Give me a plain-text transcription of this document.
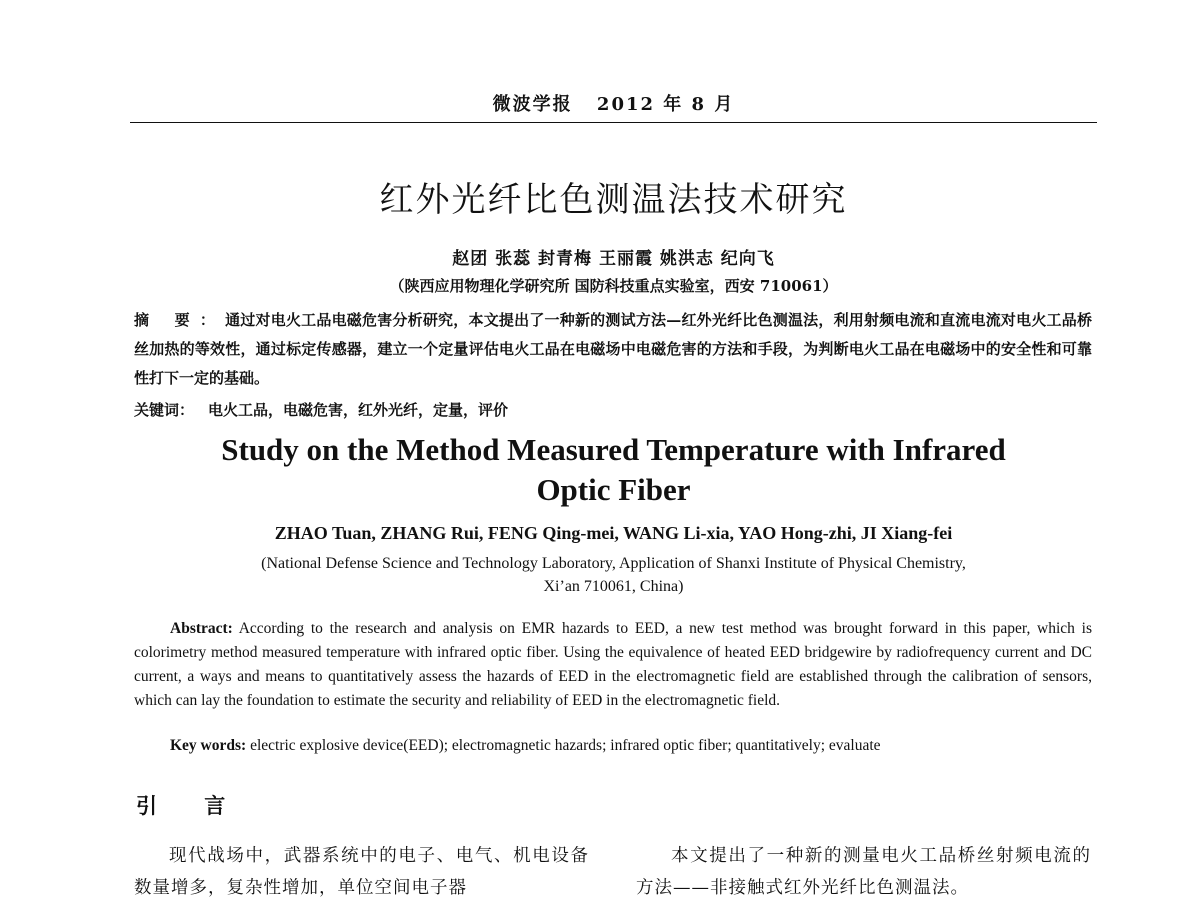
微波学报 2012 年 8 月
红外光纤比色测温法技术研究
赵团 张蕊 封青梅 王丽霞 姚洪志 纪向飞
（陕西应用物理化学研究所 国防科技重点实验室，西安 710061）
摘 要：通过对电火工品电磁危害分析研究，本文提出了一种新的测试方法—红外光纤比色测温法，利用射频电流和直流电流对电火工品桥丝加热的等效性，通过标定传感器，建立一个定量评估电火工品在电磁场中电磁危害的方法和手段，为判断电火工品在电磁场中的安全性和可靠性打下一定的基础。
关键词： 电火工品，电磁危害，红外光纤，定量，评价
Study on the Method Measured Temperature with Infrared
Optic Fiber
ZHAO Tuan, ZHANG Rui, FENG Qing-mei, WANG Li-xia, YAO Hong-zhi, JI Xiang-fei
(National Defense Science and Technology Laboratory, Application of Shanxi Institute of Physical Chemistry,
Xi’an 710061, China)
Abstract: According to the research and analysis on EMR hazards to EED, a new test method was brought forward in this paper, which is colorimetry method measured temperature with infrared optic fiber. Using the equivalence of heated EED bridgewire by radiofrequency current and DC current, a ways and means to quantitatively assess the hazards of EED in the electromagnetic field are established through the calibration of sensors, which can lay the foundation to estimate the security and reliability of EED in the electromagnetic field.
Key words: electric explosive device(EED); electromagnetic hazards; infrared optic fiber; quantitatively; evaluate
引 言
现代战场中，武器系统中的电子、电气、机电设备数量增多，复杂性增加，单位空间电子器
本文提出了一种新的测量电火工品桥丝射频电流的方法——非接触式红外光纤比色测温法。
